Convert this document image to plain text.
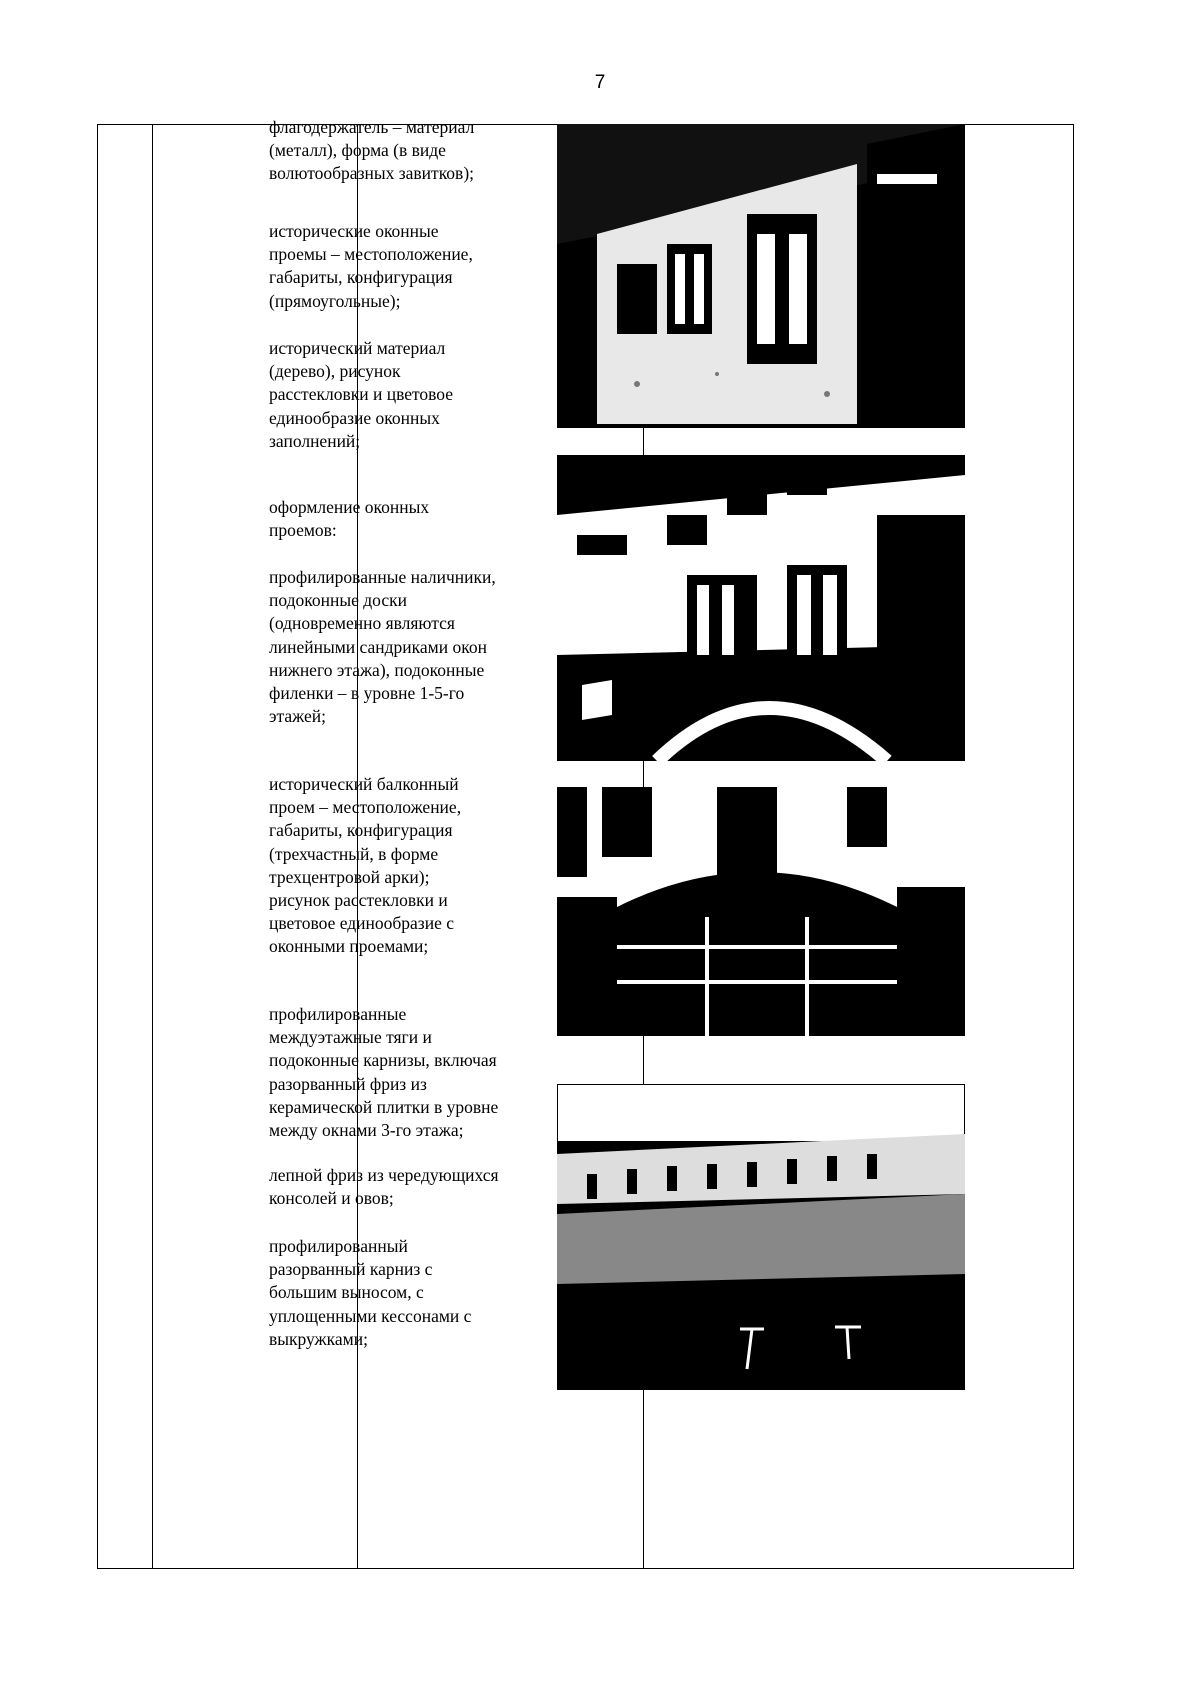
7

флагодержатель – материал
(металл), форма (в виде
волютообразных завитков);

исторические оконные
проемы – местоположение,
габариты, конфигурация
(прямоугольные);

исторический материал
(дерево), рисунок
расстекловки и цветовое
единообразие оконных
заполнений;

оформление оконных
проемов:

профилированные наличники,
подоконные доски
(одновременно являются
линейными сандриками окон
нижнего этажа), подоконные
филенки – в уровне 1-5-го
этажей;

исторический балконный
проем – местоположение,
габариты, конфигурация
(трехчастный, в форме
трехцентровой арки);
рисунок расстекловки и
цветовое единообразие с
оконными проемами;

профилированные
междуэтажные тяги и
подоконные карнизы, включая
разорванный фриз из
керамической плитки в уровне
между окнами 3-го этажа;

лепной фриз из чередующихся
консолей и овов;

профилированный
разорванный карниз с
большим выносом, с
уплощенными кессонами с
выкружками;
